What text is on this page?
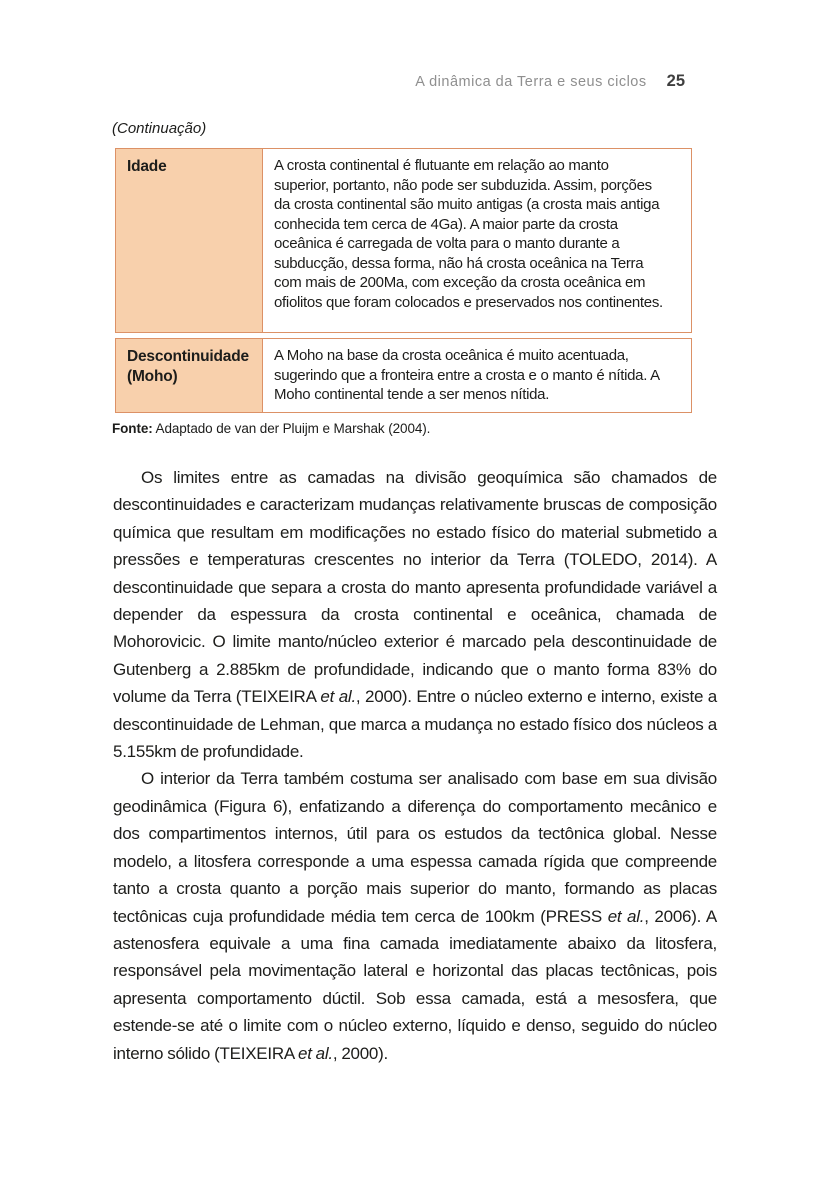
A dinâmica da Terra e seus ciclos 25
(Continuação)
Idade	A crosta continental é flutuante em relação ao manto superior, portanto, não pode ser subduzida. Assim, porções da crosta continental são muito antigas (a crosta mais antiga conhecida tem cerca de 4Ga). A maior parte da crosta oceânica é carregada de volta para o manto durante a subducção, dessa forma, não há crosta oceânica na Terra com mais de 200Ma, com exceção da crosta oceânica em ofiolitos que foram colocados e preservados nos continentes.
Descontinuidade (Moho)
A Moho na base da crosta oceânica é muito acentuada, sugerindo que a fronteira entre a crosta e o manto é nítida. A Moho continental tende a ser menos nítida.
Fonte: Adaptado de van der Pluijm e Marshak (2004).

Os limites entre as camadas na divisão geoquímica são chamados de descontinuidades e caracterizam mudanças relativamente bruscas de composição química que resultam em modificações no estado físico do material submetido a pressões e temperaturas crescentes no interior da Terra (TOLEDO, 2014). A descontinuidade que separa a crosta do manto apresenta profundidade variável a depender da espessura da crosta continental e oceânica, chamada de Mohorovicic. O limite manto/núcleo exterior é marcado pela descontinuidade de Gutenberg a 2.885km de profundidade, indicando que o manto forma 83% do volume da Terra (TEIXEIRA et al., 2000). Entre o núcleo externo e interno, existe a descontinuidade de Lehman, que marca a mudança no estado físico dos núcleos a 5.155km de profundidade.

O interior da Terra também costuma ser analisado com base em sua divisão geodinâmica (Figura 6), enfatizando a diferença do comportamento mecânico e dos compartimentos internos, útil para os estudos da tectônica global. Nesse modelo, a litosfera corresponde a uma espessa camada rígida que compreende tanto a crosta quanto a porção mais superior do manto, formando as placas tectônicas cuja profundidade média tem cerca de 100km (PRESS et al., 2006). A astenosfera equivale a uma fina camada imediatamente abaixo da litosfera, responsável pela movimentação lateral e horizontal das placas tectônicas, pois apresenta comportamento dúctil. Sob essa camada, está a mesosfera, que estende-se até o limite com o núcleo externo, líquido e denso, seguido do núcleo interno sólido (TEIXEIRA et al., 2000).
